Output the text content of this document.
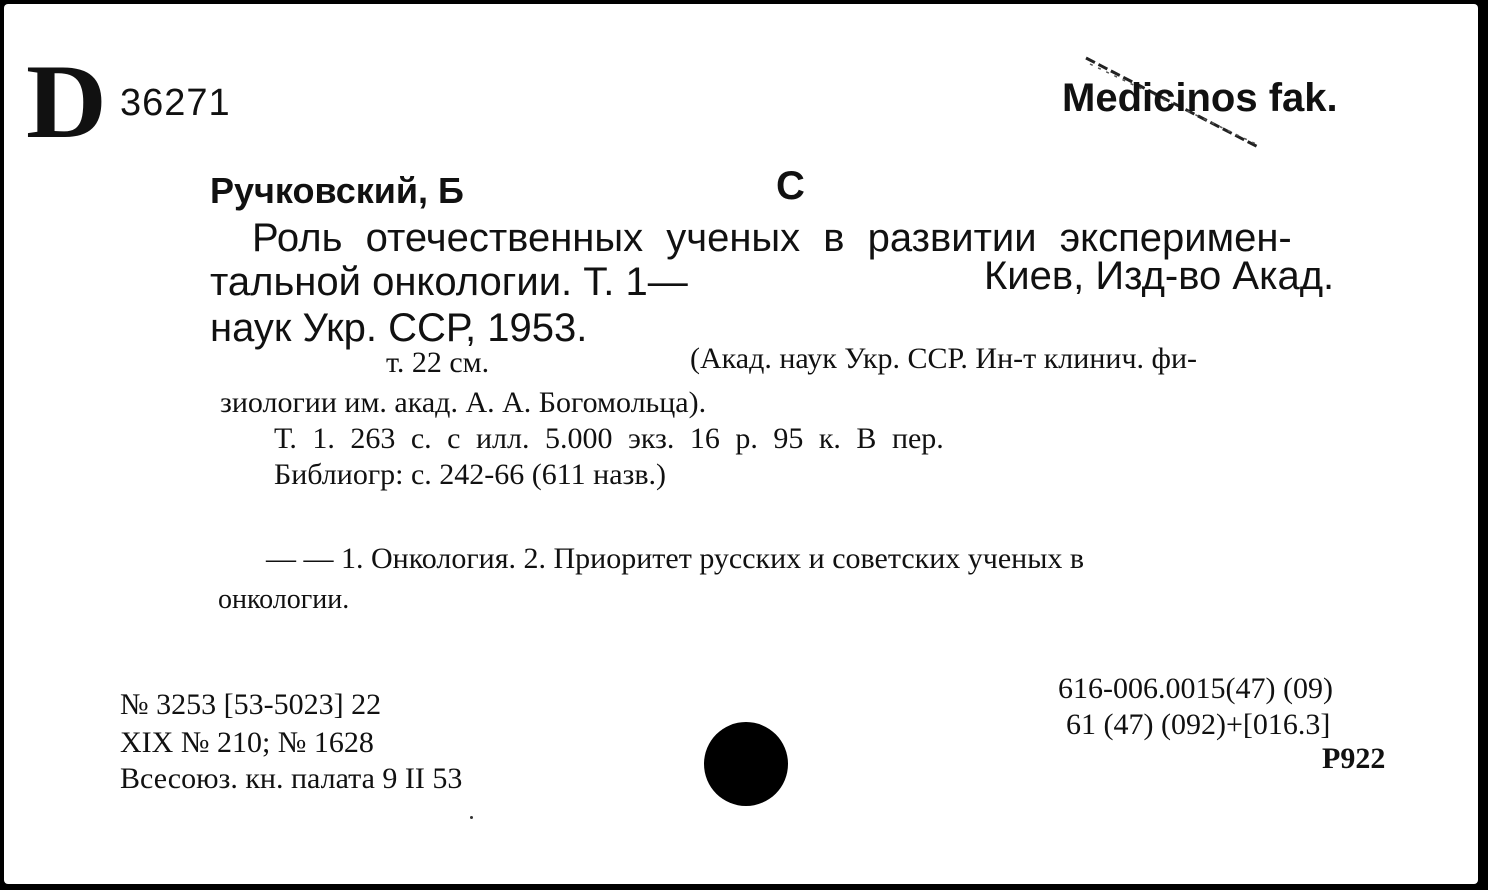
D 36271	Medicinos fak.
Ручковский, Б	С
Роль отечественных ученых в развитии эксперимен-
тальной онкологии. Т. 1—	Киев, Изд-во Акад.
наук Укр. ССР, 1953.
т. 22 см.	(Акад. наук Укр. ССР. Ин-т клинич. фи-
зиологии им. акад. А. А. Богомольца).
Т. 1. 263 с. с илл. 5.000 экз. 16 р. 95 к. В пер.
Библиогр: с. 242-66 (611 назв.)
— — 1. Онкология. 2. Приоритет русских и советских ученых в
онкологии.
№ 3253 [53-5023] 22
XIX № 210; № 1628
Всесоюз. кн. палата 9 II 53
616-006.0015(47) (09)
61 (47) (092)+[016.3]
Р922
